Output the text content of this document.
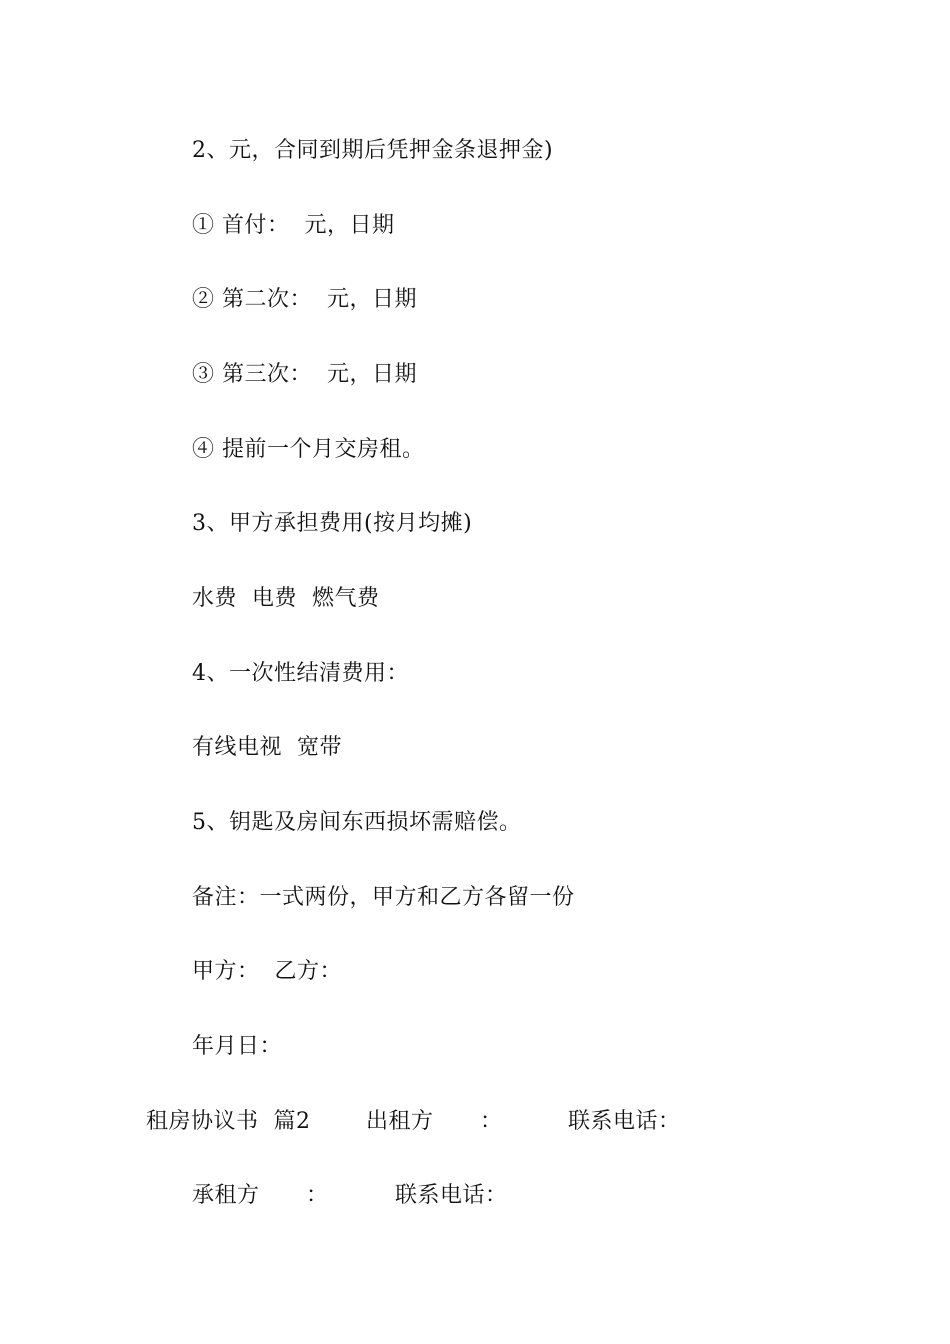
2、元，合同到期后凭押金条退押金)
① 首付：  元，日期
② 第二次：  元，日期
③ 第三次：  元，日期
④ 提前一个月交房租。
3、甲方承担费用(按月均摊)
水费  电费  燃气费
4、一次性结清费用：
有线电视  宽带
5、钥匙及房间东西损坏需赔偿。
备注：一式两份，甲方和乙方各留一份
甲方：  乙方：
年月日：
租房协议书  篇2	出租方 ：	联系电话：
承租方 ：	联系电话：
